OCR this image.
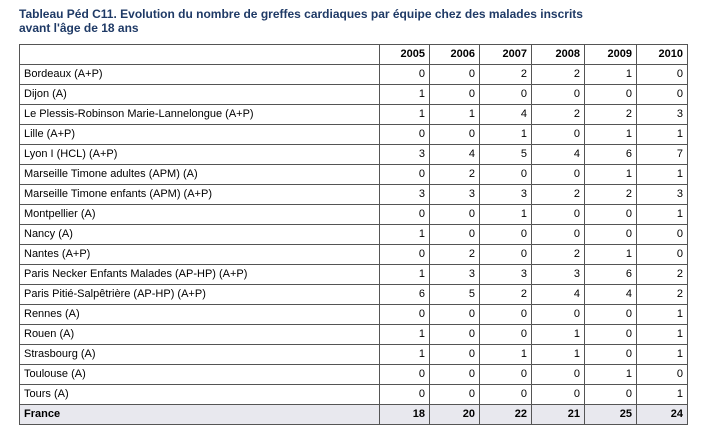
Tableau Péd C11. Evolution du nombre de greffes cardiaques par équipe chez des malades inscrits
avant l'âge de 18 ans
	2005	2006	2007	2008	2009	2010
Bordeaux (A+P)	0	0	2	2	1	0
Dijon (A)	1	0	0	0	0	0
Le Plessis-Robinson Marie-Lannelongue (A+P)	1	1	4	2	2	3
Lille (A+P)	0	0	1	0	1	1
Lyon I (HCL) (A+P)	3	4	5	4	6	7
Marseille Timone adultes (APM) (A)	0	2	0	0	1	1
Marseille Timone enfants (APM) (A+P)	3	3	3	2	2	3
Montpellier (A)	0	0	1	0	0	1
Nancy (A)	1	0	0	0	0	0
Nantes (A+P)	0	2	0	2	1	0
Paris Necker Enfants Malades (AP-HP) (A+P)	1	3	3	3	6	2
Paris Pitié-Salpêtrière (AP-HP) (A+P)	6	5	2	4	4	2
Rennes (A)	0	0	0	0	0	1
Rouen (A)	1	0	0	1	0	1
Strasbourg (A)	1	0	1	1	0	1
Toulouse (A)	0	0	0	0	1	0
Tours (A)	0	0	0	0	0	1
France	18	20	22	21	25	24
